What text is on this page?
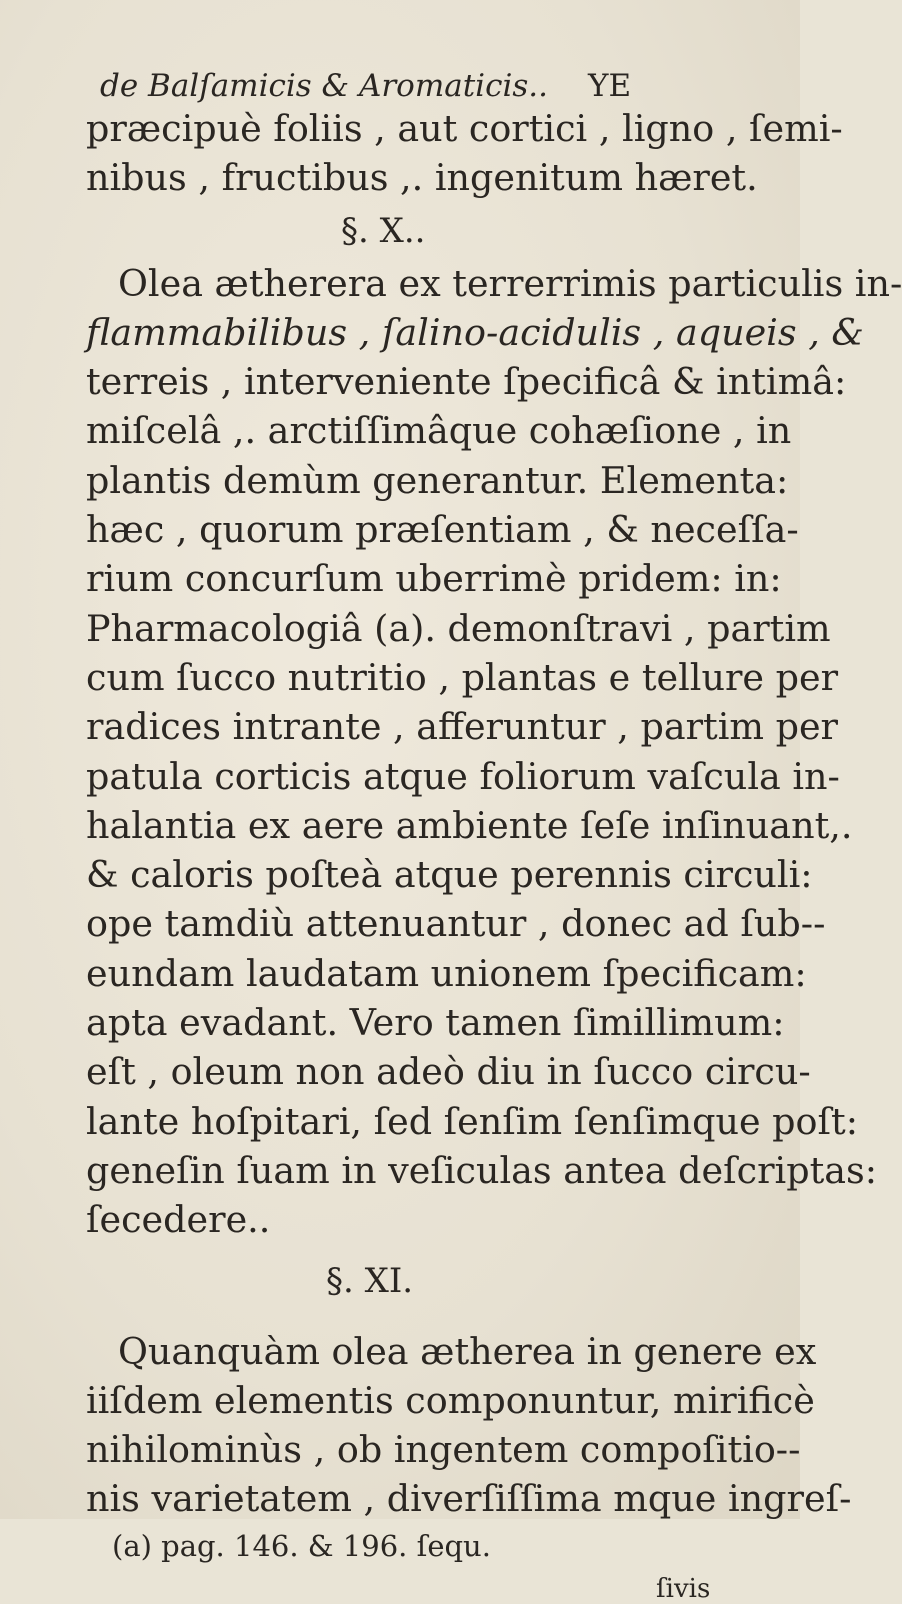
de Balſamicis & Aromaticis.. YE
præcipuè foliis , aut cortici , ligno , ſemi-
nibus , fructibus ,. ingenitum hæret.
§. X..
Olea ætherera ex terrerrimis particulis in-
flammabilibus , ſalino-acidulis , aqueis , &
terreis , interveniente ſpecificâ & intimâ:
miſcelâ ,. arctiſſimâque cohæſione , in
plantis demùm generantur. Elementa:
hæc , quorum præſentiam , & neceſſa-
rium concurſum uberrimè pridem: in:
Pharmacologiâ (a). demonſtravi , partim
cum ſucco nutritio , plantas e tellure per
radices intrante , afferuntur , partim per
patula corticis atque foliorum vaſcula in-
halantia ex aere ambiente ſeſe inſinuant,.
& caloris poſteà atque perennis circuli:
ope tamdiù attenuantur , donec ad ſub--
eundam laudatam unionem ſpecificam:
apta evadant. Vero tamen ſimillimum:
eſt , oleum non adeò diu in ſucco circu-
lante hoſpitari, ſed ſenſim ſenſimque poſt:
geneſin ſuam in veſiculas antea deſcriptas:
ſecedere..
§. XI.
Quanquàm olea ætherea in genere ex
iiſdem elementis componuntur, mirificè
nihilominùs , ob ingentem compoſitio--
nis varietatem , diverſiſſima mque ingreſ-
(a) pag. 146. & 196. ſequ.
ſivis
